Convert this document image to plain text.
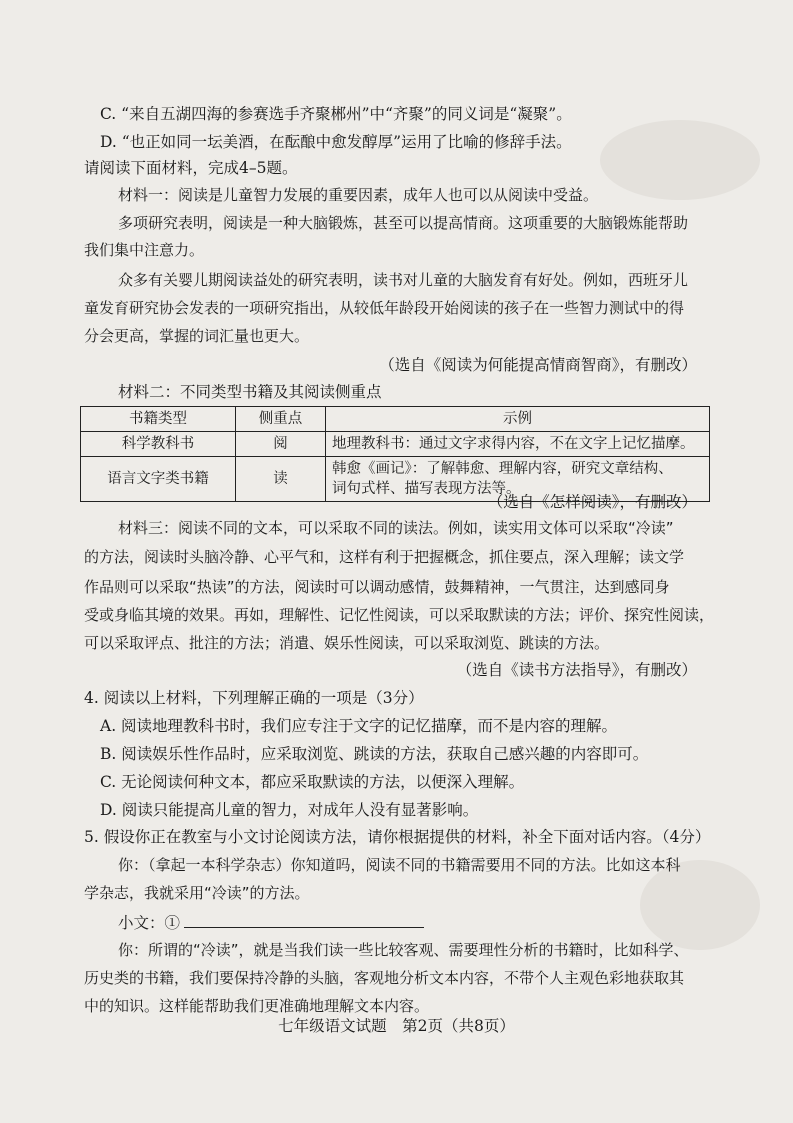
C. “来自五湖四海的参赛选手齐聚郴州”中“齐聚”的同义词是“凝聚”。

D. “也正如同一坛美酒，在酝酿中愈发醇厚”运用了比喻的修辞手法。

请阅读下面材料，完成4–5题。

材料一：阅读是儿童智力发展的重要因素，成年人也可以从阅读中受益。

多项研究表明，阅读是一种大脑锻炼，甚至可以提高情商。这项重要的大脑锻炼能帮助

我们集中注意力。

众多有关婴儿期阅读益处的研究表明，读书对儿童的大脑发育有好处。例如，西班牙儿

童发育研究协会发表的一项研究指出，从较低年龄段开始阅读的孩子在一些智力测试中的得

分会更高，掌握的词汇量也更大。

（选自《阅读为何能提高情商智商》，有删改）

材料二：不同类型书籍及其阅读侧重点

书籍类型	侧重点	示例
科学教科书	阅	地理教科书：通过文字求得内容，不在文字上记忆描摩。
语言文字类书籍	读	韩愈《画记》：了解韩愈、理解内容，研究文章结构、
词句式样、描写表现方法等。

（选自《怎样阅读》，有删改）

材料三：阅读不同的文本，可以采取不同的读法。例如，读实用文体可以采取“冷读”

的方法，阅读时头脑冷静、心平气和，这样有利于把握概念，抓住要点，深入理解；读文学

作品则可以采取“热读”的方法，阅读时可以调动感情，鼓舞精神，一气贯注，达到感同身

受或身临其境的效果。再如，理解性、记忆性阅读，可以采取默读的方法；评价、探究性阅读，

可以采取评点、批注的方法；消遣、娱乐性阅读，可以采取浏览、跳读的方法。

（选自《读书方法指导》，有删改）

4. 阅读以上材料，下列理解正确的一项是（3分）

A. 阅读地理教科书时，我们应专注于文字的记忆描摩，而不是内容的理解。

B. 阅读娱乐性作品时，应采取浏览、跳读的方法，获取自己感兴趣的内容即可。

C. 无论阅读何种文本，都应采取默读的方法，以便深入理解。

D. 阅读只能提高儿童的智力，对成年人没有显著影响。

5. 假设你正在教室与小文讨论阅读方法，请你根据提供的材料，补全下面对话内容。（4分）

你：（拿起一本科学杂志）你知道吗，阅读不同的书籍需要用不同的方法。比如这本科

学杂志，我就采用“冷读”的方法。

小文：①

你：所谓的“冷读”，就是当我们读一些比较客观、需要理性分析的书籍时，比如科学、

历史类的书籍，我们要保持冷静的头脑，客观地分析文本内容，不带个人主观色彩地获取其

中的知识。这样能帮助我们更准确地理解文本内容。

七年级语文试题　第2页（共8页）
